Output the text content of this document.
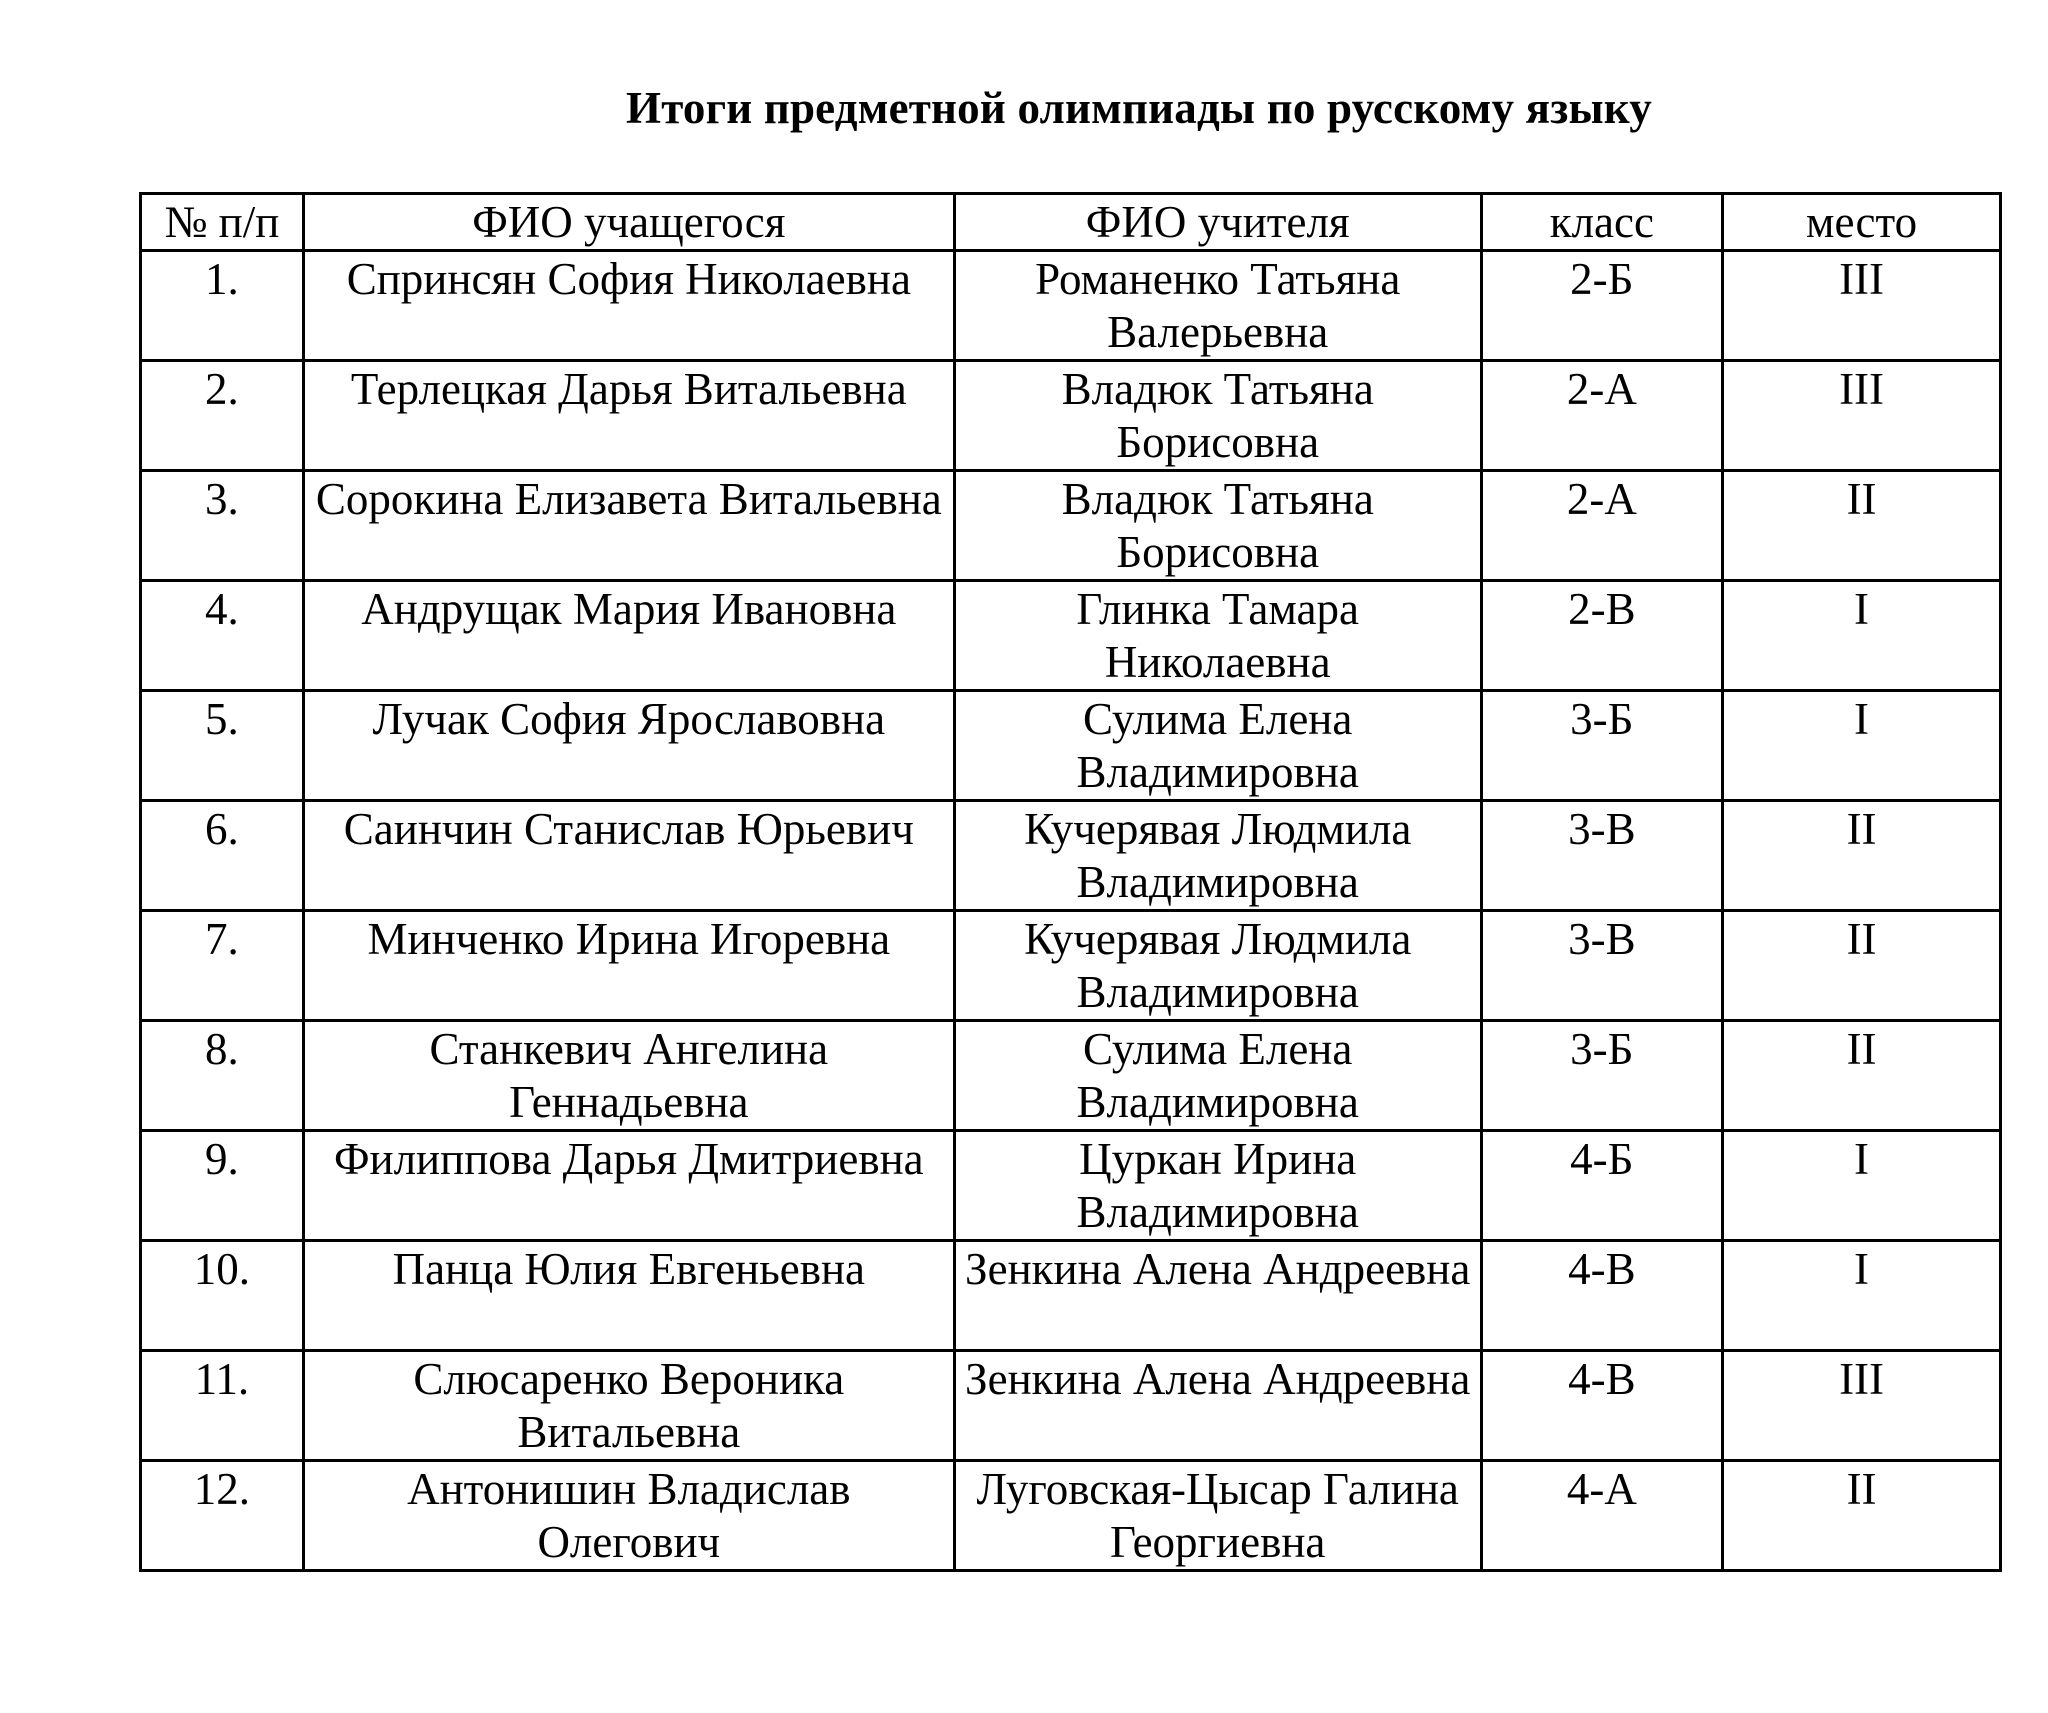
Итоги предметной олимпиады по русскому языку
№ п/п	ФИО учащегося	ФИО учителя	класс	место
1.	Спринсян София Николаевна	Романенко Татьяна Валерьевна	2-Б	III
2.	Терлецкая Дарья Витальевна	Владюк Татьяна Борисовна	2-А	III
3.	Сорокина Елизавета Витальевна	Владюк Татьяна Борисовна	2-А	II
4.	Андрущак Мария Ивановна	Глинка Тамара Николаевна	2-В	I
5.	Лучак София Ярославовна	Сулима Елена Владимировна	3-Б	I
6.	Саинчин Станислав Юрьевич	Кучерявая Людмила Владимировна	3-В	II
7.	Минченко Ирина Игоревна	Кучерявая Людмила Владимировна	3-В	II
8.	Станкевич Ангелина Геннадьевна	Сулима Елена Владимировна	3-Б	II
9.	Филиппова Дарья Дмитриевна	Цуркан Ирина Владимировна	4-Б	I
10.	Панца Юлия Евгеньевна	Зенкина Алена Андреевна	4-В	I
11.	Слюсаренко Вероника Витальевна	Зенкина Алена Андреевна	4-В	III
12.	Антонишин Владислав Олегович	Луговская-Цысар Галина Георгиевна	4-А	II
